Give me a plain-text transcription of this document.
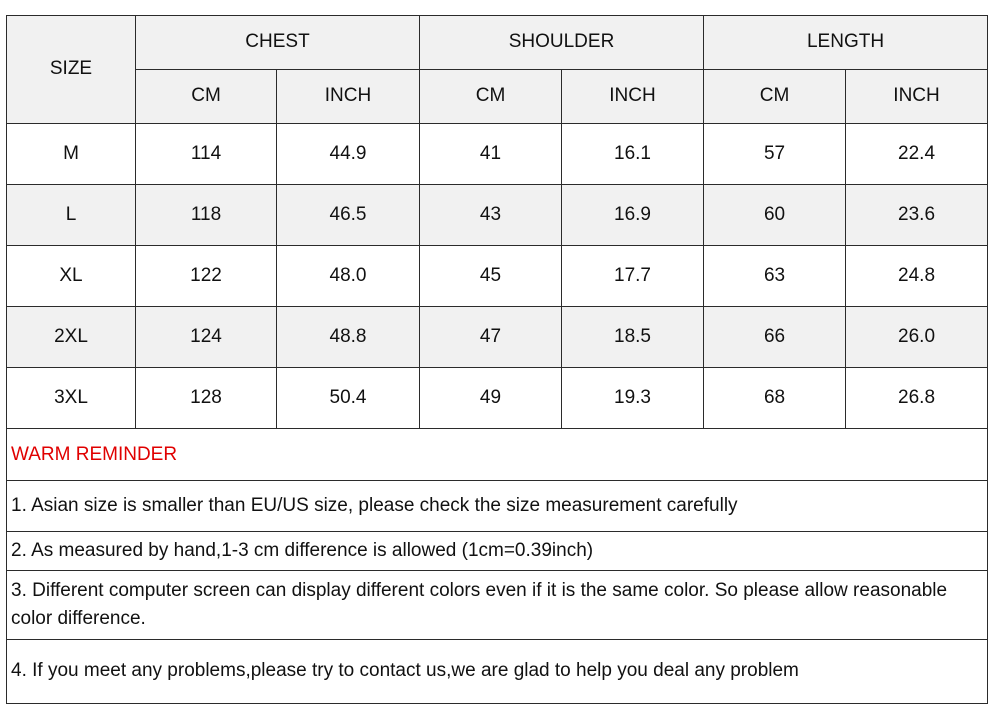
SIZE	CHEST		SHOULDER		LENGTH	
	CM	INCH	CM	INCH	CM	INCH
M	114	44.9	41	16.1	57	22.4
L	118	46.5	43	16.9	60	23.6
XL	122	48.0	45	17.7	63	24.8
2XL	124	48.8	47	18.5	66	26.0
3XL	128	50.4	49	19.3	68	26.8
WARM REMINDER						
1. Asian size is smaller than EU/US size, please check the size measurement carefully						
2. As measured by hand,1-3 cm difference is allowed (1cm=0.39inch)						
3. Different computer screen can display different colors even if it is the same color. So please allow reasonable color difference.						
4. If you meet any problems,please try to contact us,we are glad to help you deal any problem						
